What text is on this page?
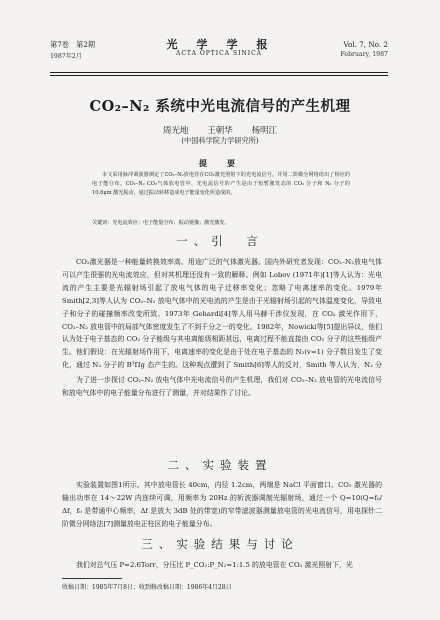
第7卷　第2期
1987年2月
光　学　学　报
ACTA OPTICA SINICA
Vol. 7, No. 2
February, 1987
CO₂–N₂ 系统中光电流信号的产生机理
周光地 王朝华 杨明江
(中国科学院力学研究所)
提　要
本文采用脉冲调波器测定了CO₂–N₂放电管在CO₂激光照射下的光电流信号，并用二阶微分网络给出了相应的电子能分布。CO₂–N₂ CO₂气体放电管中，光电流信号的产生是由于短暂激发态的 CO₂ 分子和 N₂ 分子的 10.6μm 激光振动，通过振动转移造成电子能量变化所造成的。
关键词：光电流效应；电子能量分布；振动弛豫；激光激发。
一、引　言
CO₂激光器是一种能量转换效率高、用途广泛的气体激光器。国内外研究者发现：CO₂–N₂放电气体可以产生很强的光电流效应，但对其机理还没有一致的解释。例如 Lobov (1971年)[1]等人认为：光电流的产生主要是光辐射场引起了放电气体的电子迁移率变化；忽略了电离速率的变化。1979年 Smith[2,3]等人认为 CO₂–N₂ 放电气体中的光电流的产生是由于光辐射场引起的气体温度变化，导致电子和分子的碰撞频率改变所致。1973年 Gehardi[4]等人用马赫干涉仪发现，在 CO₂ 激光作用下，CO₂–N₂ 放电管中的局部气体密度发生了不到千分之一的变化。1982年，Nowicki等[5]提出异议，他们认为处于电子基态的 CO₂ 分子能级与其电离能级相距甚远，电离过程不能直接由 CO₂ 分子的这些能级产生。他们假设：在光辐射场作用下，电离速率的变化是由于处在电子基态的 N₂(v=1) 分子数目发生了变化，通过 N₂ 分子的 B³Πg 态产生的。这种观点遭到了 Smith[6]等人的反对，Smith 等人认为，N₂ 分
为了进一步探讨 CO₂–N₂ 放电气体中光电流信号的产生机理，我们对 CO₂–N₂ 放电管的光电流信号和放电气体中的电子能量分布进行了测量，并对结果作了讨论。
二、实验装置
实验装置如图1所示。其中放电管长 40cm，内径 1.2cm，两端是 NaCl 平面窗口。CO₂ 激光器的输出功率在 14～22W 内连续可调，用频率为 20Hz 的斩波器调制光辐射场，通过一个 Q=10(Q=f₀/Δf，f₀ 是带通中心频率，Δf 是放大 3dB 处的带宽)的窄带滤波器测量放电管的光电流信号，用电探针二阶微分网络法[7]测量放电正柱区的电子能量分布。
三、实验结果与讨论
我们对总气压 P=2.6Torr，分压比 P_CO₂:P_N₂=1:1.5 的放电管在 CO₂ 激光照射下，光
收稿日期：1985年7月8日；收到修改稿日期：1986年4月28日
